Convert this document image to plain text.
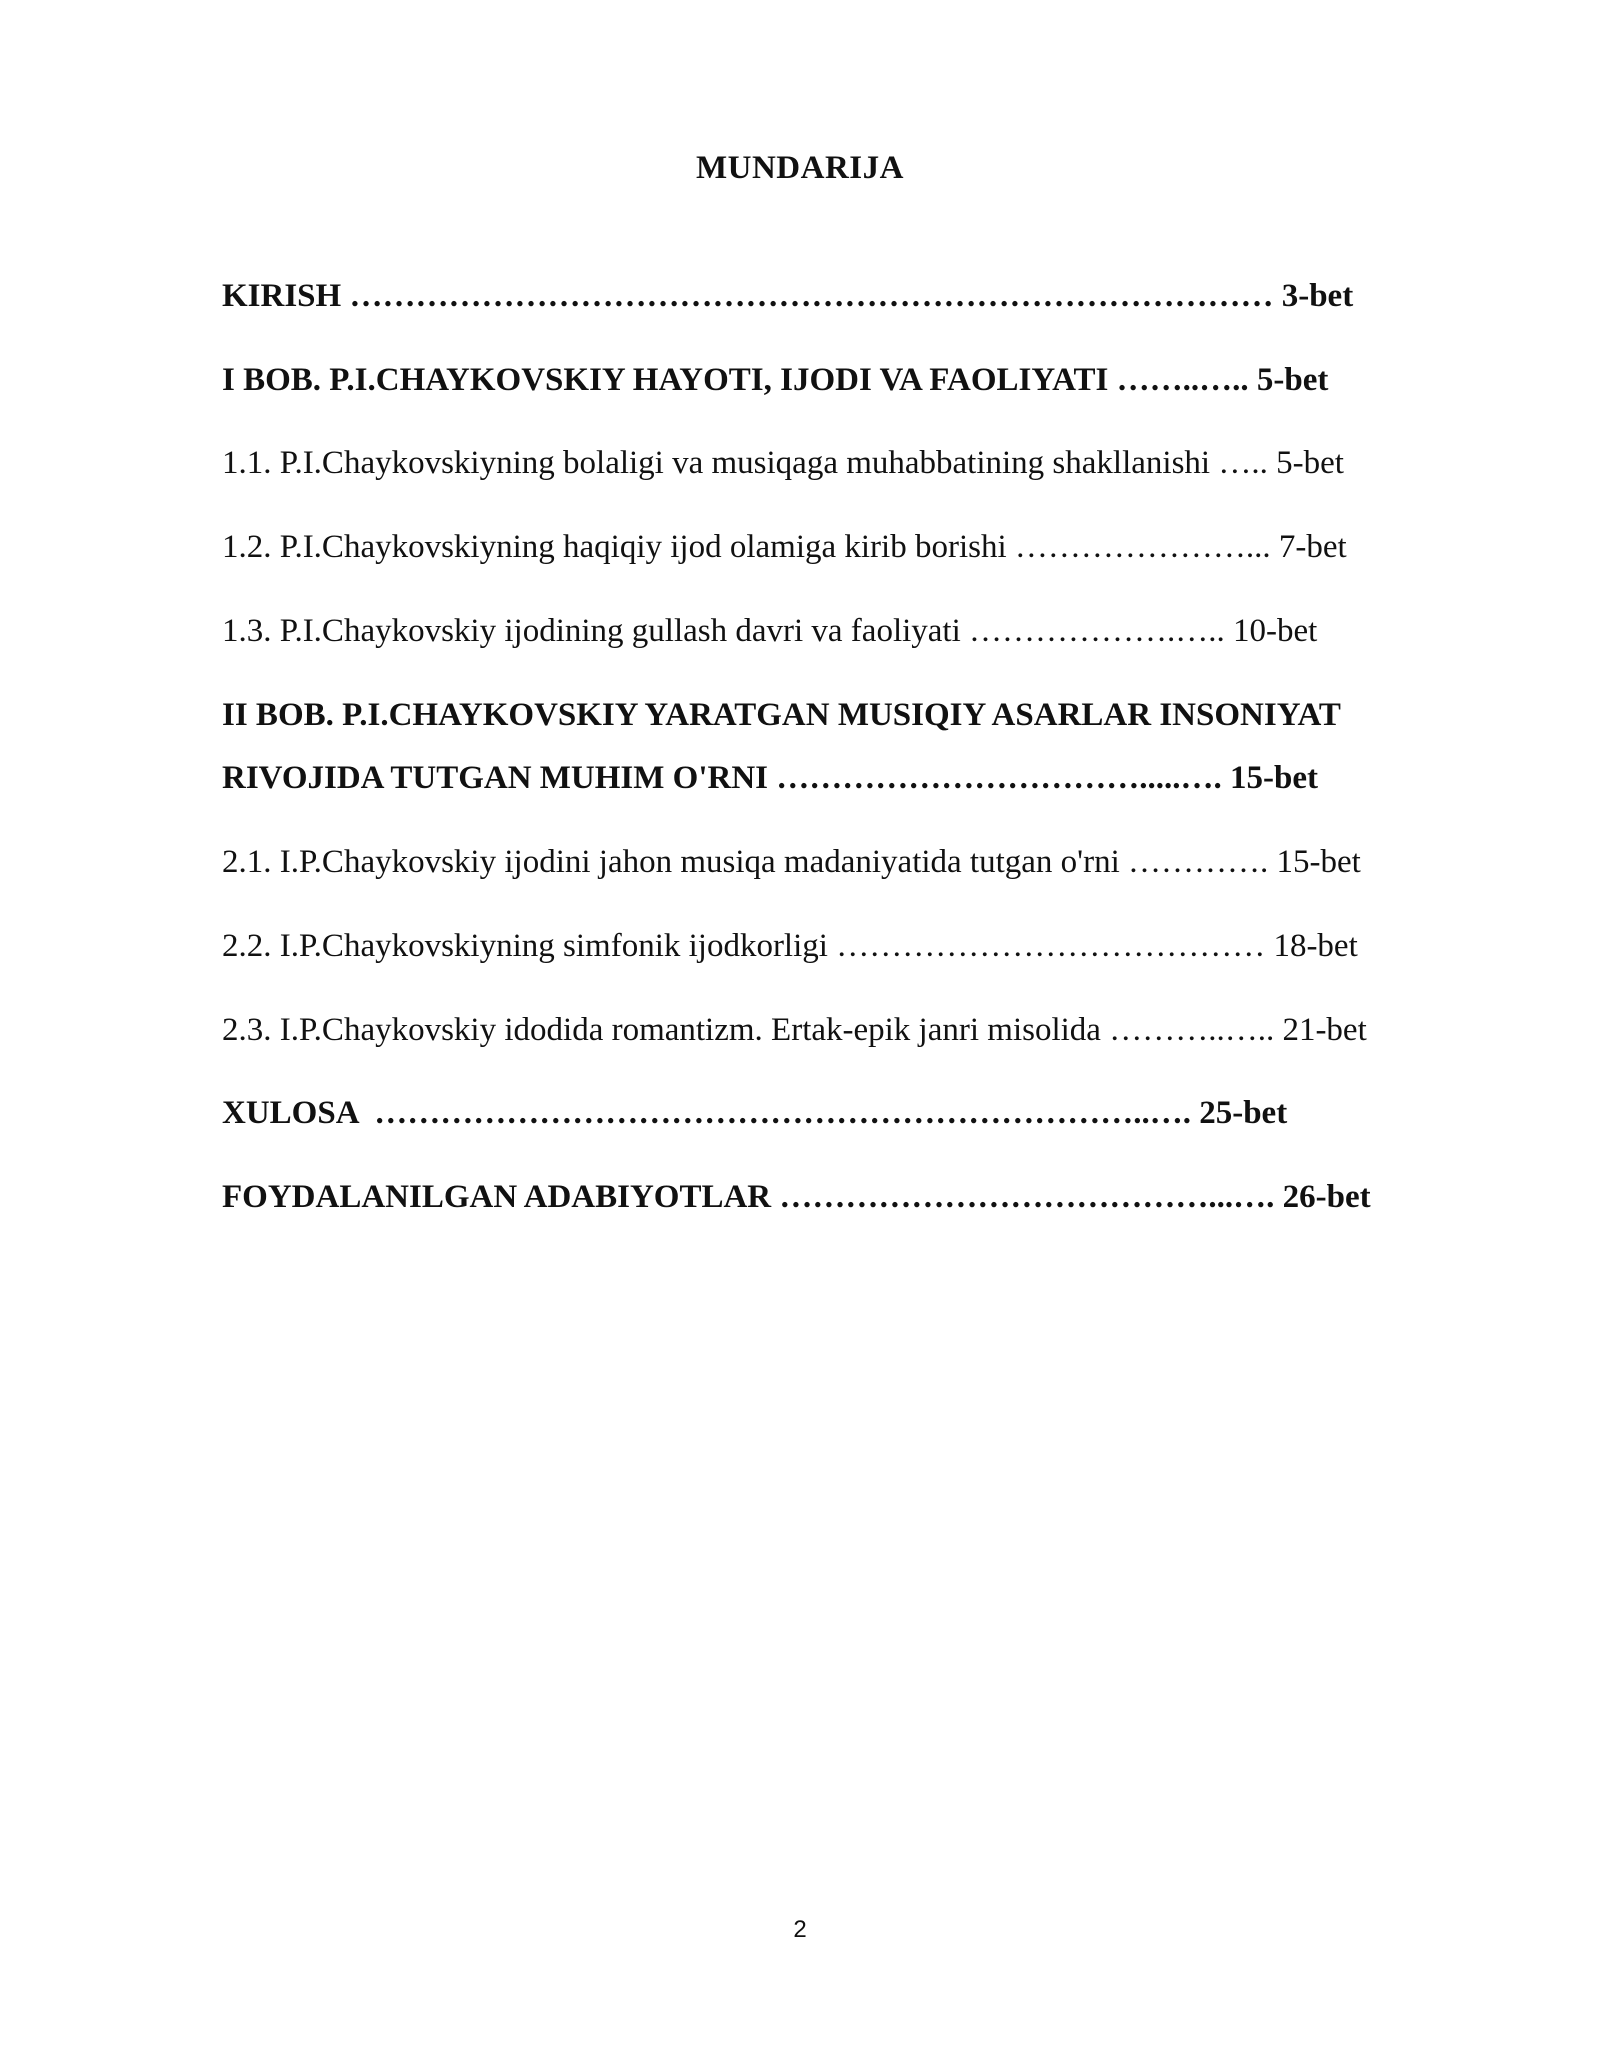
MUNDARIJA
KIRISH ………………………………………………………………………… 3-bet
I BOB. P.I.CHAYKOVSKIY HAYOTI, IJODI VA FAOLIYATI ……..….. 5-bet
1.1. P.I.Chaykovskiyning bolaligi va musiqaga muhabbatining shakllanishi ….. 5-bet
1.2. P.I.Chaykovskiyning haqiqiy ijod olamiga kirib borishi …………………... 7-bet
1.3. P.I.Chaykovskiy ijodining gullash davri va faoliyati ……………….….. 10-bet
II BOB. P.I.CHAYKOVSKIY YARATGAN MUSIQIY ASARLAR INSONIYAT
RIVOJIDA TUTGAN MUHIM O'RNI …………………………….....…. 15-bet
2.1. I.P.Chaykovskiy ijodini jahon musiqa madaniyatida tutgan o'rni …………. 15-bet
2.2. I.P.Chaykovskiyning simfonik ijodkorligi ………………………………… 18-bet
2.3. I.P.Chaykovskiy idodida romantizm. Ertak-epik janri misolida ………..….. 21-bet
XULOSA  ……………………………………………………………..…. 25-bet
FOYDALANILGAN ADABIYOTLAR …………………………………...…. 26-bet
2
